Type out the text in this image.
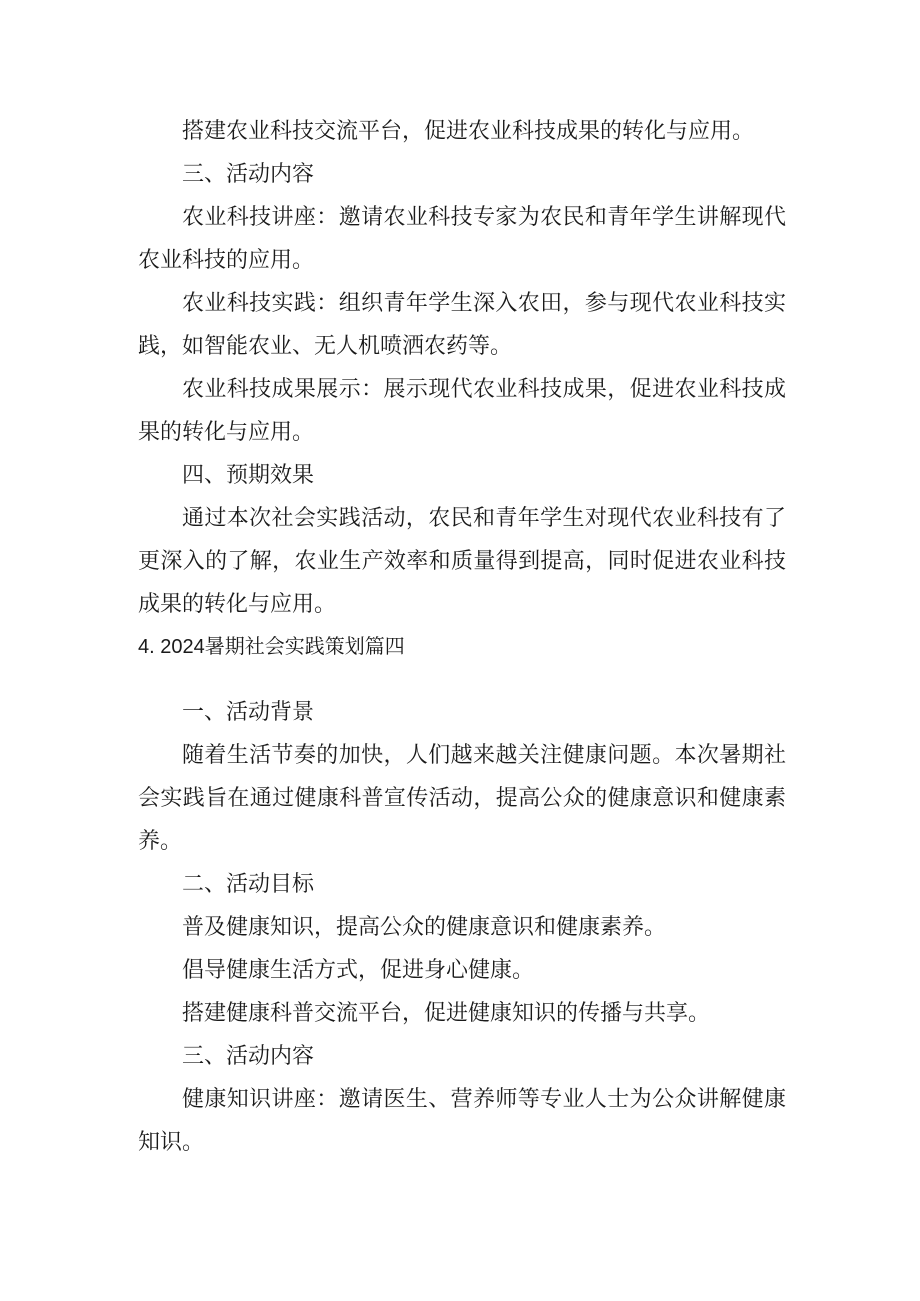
搭建农业科技交流平台，促进农业科技成果的转化与应用。

三、活动内容

农业科技讲座：邀请农业科技专家为农民和青年学生讲解现代农业科技的应用。

农业科技实践：组织青年学生深入农田，参与现代农业科技实践，如智能农业、无人机喷洒农药等。

农业科技成果展示：展示现代农业科技成果，促进农业科技成果的转化与应用。

四、预期效果

通过本次社会实践活动，农民和青年学生对现代农业科技有了更深入的了解，农业生产效率和质量得到提高，同时促进农业科技成果的转化与应用。

4. 2024暑期社会实践策划篇四

一、活动背景

随着生活节奏的加快，人们越来越关注健康问题。本次暑期社会实践旨在通过健康科普宣传活动，提高公众的健康意识和健康素养。

二、活动目标

普及健康知识，提高公众的健康意识和健康素养。

倡导健康生活方式，促进身心健康。

搭建健康科普交流平台，促进健康知识的传播与共享。

三、活动内容

健康知识讲座：邀请医生、营养师等专业人士为公众讲解健康知识。
